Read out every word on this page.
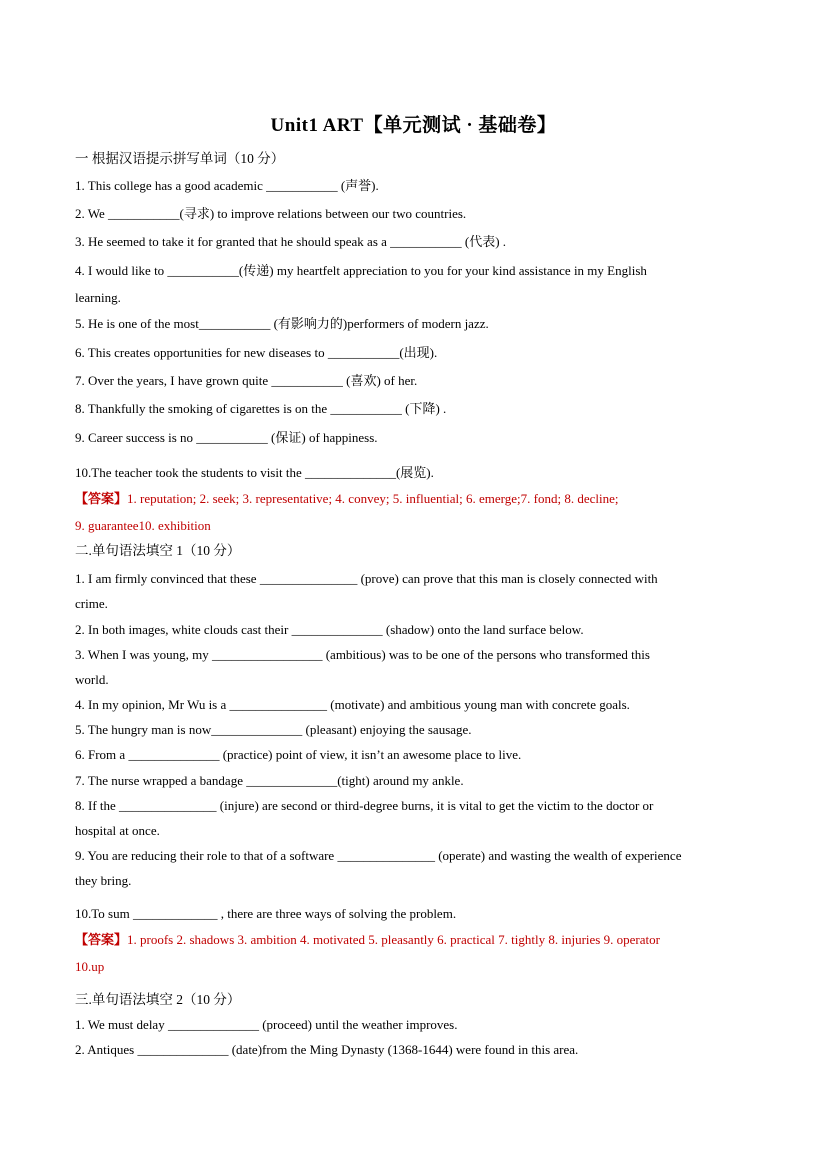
Unit1 ART【单元测试 · 基础卷】
一 根据汉语提示拼写单词（10 分）
1. This college has a good academic ___________ (声誉).
2. We ___________(寻求) to improve relations between our two countries.
3. He seemed to take it for granted that he should speak as a ___________ (代表) .
4. I would like to ___________(传递) my heartfelt appreciation to you for your kind assistance in my English
learning.
5. He is one of the most___________ (有影响力的)performers of modern jazz.
6. This creates opportunities for new diseases to ___________(出现).
7. Over the years, I have grown quite ___________ (喜欢) of her.
8. Thankfully the smoking of cigarettes is on the ___________ (下降) .
9. Career success is no ___________ (保证) of happiness.
10.The teacher took the students to visit the ______________(展览).
【答案】1. reputation; 2. seek; 3. representative; 4. convey; 5. influential; 6. emerge;7. fond; 8. decline;
9. guarantee10. exhibition
二.单句语法填空 1（10 分）
1. I am firmly convinced that these _______________ (prove) can prove that this man is closely connected with
crime.
2. In both images, white clouds cast their ______________ (shadow) onto the land surface below.
3. When I was young, my _________________ (ambitious) was to be one of the persons who transformed this
world.
4. In my opinion, Mr Wu is a _______________ (motivate) and ambitious young man with concrete goals.
5. The hungry man is now______________ (pleasant) enjoying the sausage.
6. From a ______________ (practice) point of view, it isn’t an awesome place to live.
7. The nurse wrapped a bandage ______________(tight) around my ankle.
8. If the _______________ (injure) are second or third-degree burns, it is vital to get the victim to the doctor or
hospital at once.
9. You are reducing their role to that of a software _______________ (operate) and wasting the wealth of experience
they bring.
10.To sum _____________ , there are three ways of solving the problem.
【答案】1. proofs 2. shadows 3. ambition 4. motivated 5. pleasantly 6. practical 7. tightly 8. injuries 9. operator
10.up
三.单句语法填空 2（10 分）
1. We must delay ______________ (proceed) until the weather improves.
2. Antiques ______________ (date)from the Ming Dynasty (1368-1644) were found in this area.
